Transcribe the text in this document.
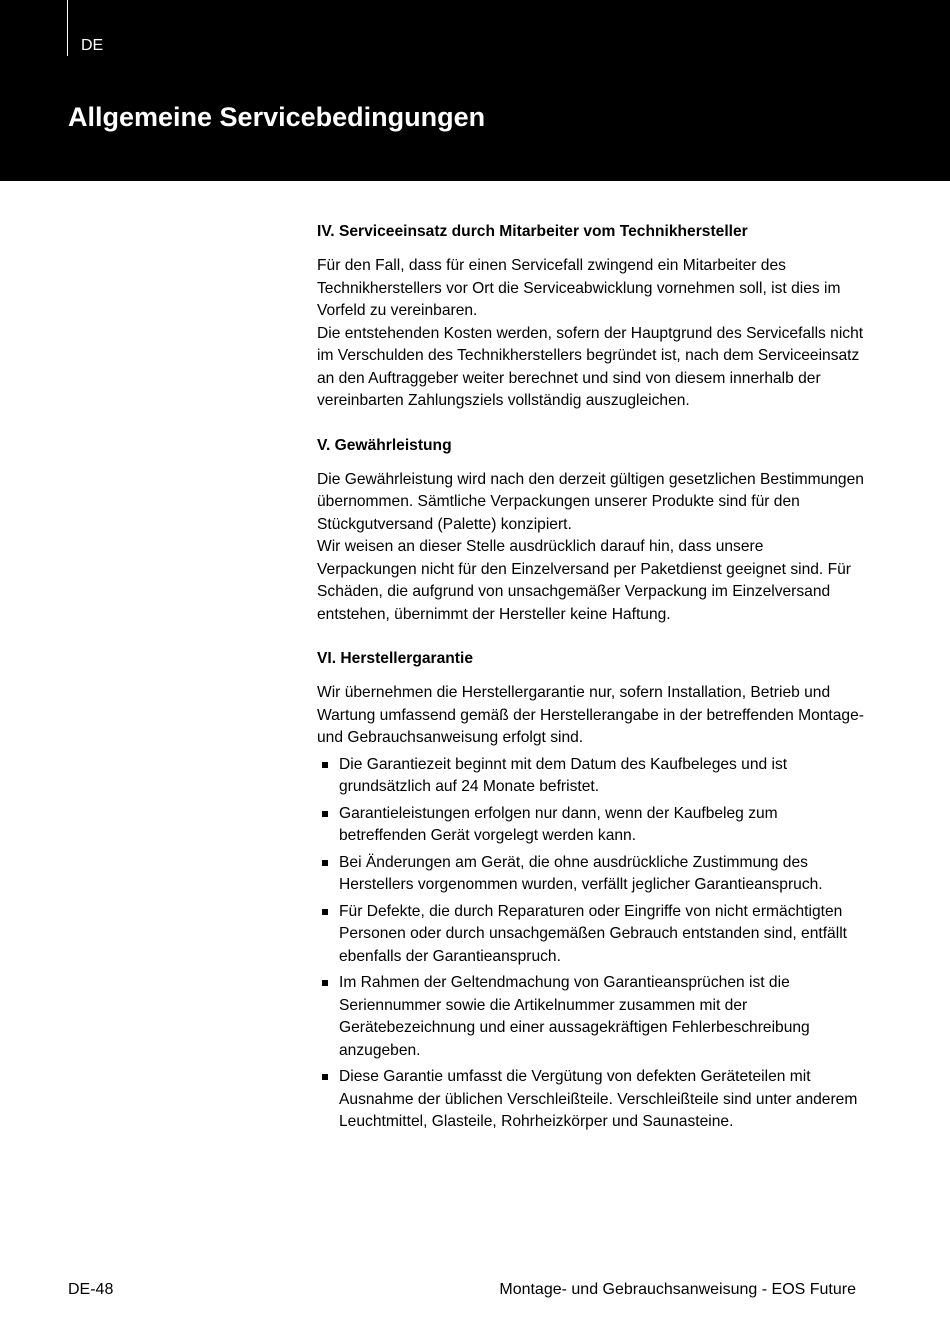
DE
Allgemeine Servicebedingungen
IV. Serviceeinsatz durch Mitarbeiter vom Technikhersteller

Für den Fall, dass für einen Servicefall zwingend ein Mitarbeiter des Technikherstellers vor Ort die Serviceabwicklung vornehmen soll, ist dies im Vorfeld zu vereinbaren.

Die entstehenden Kosten werden, sofern der Hauptgrund des Servicefalls nicht im Verschulden des Technikherstellers begründet ist, nach dem Serviceeinsatz an den Auftraggeber weiter berechnet und sind von diesem innerhalb der vereinbarten Zahlungsziels vollständig auszugleichen.

V. Gewährleistung

Die Gewährleistung wird nach den derzeit gültigen gesetzlichen Bestimmungen übernommen. Sämtliche Verpackungen unserer Produkte sind für den Stückgutversand (Palette) konzipiert.

Wir weisen an dieser Stelle ausdrücklich darauf hin, dass unsere Verpackungen nicht für den Einzelversand per Paketdienst geeignet sind. Für Schäden, die aufgrund von unsachgemäßer Verpackung im Einzelversand entstehen, übernimmt der Hersteller keine Haftung.

VI. Herstellergarantie

Wir übernehmen die Herstellergarantie nur, sofern Installation, Betrieb und Wartung umfassend gemäß der Herstellerangabe in der betreffenden Montage- und Gebrauchsanweisung erfolgt sind.

Die Garantiezeit beginnt mit dem Datum des Kaufbeleges und ist grundsätzlich auf 24 Monate befristet.
Garantieleistungen erfolgen nur dann, wenn der Kaufbeleg zum betreffenden Gerät vorgelegt werden kann.
Bei Änderungen am Gerät, die ohne ausdrückliche Zustimmung des Herstellers vorgenommen wurden, verfällt jeglicher Garantieanspruch.
Für Defekte, die durch Reparaturen oder Eingriffe von nicht ermächtigten Personen oder durch unsachgemäßen Gebrauch entstanden sind, entfällt ebenfalls der Garantieanspruch.
Im Rahmen der Geltendmachung von Garantieansprüchen ist die Seriennummer sowie die Artikelnummer zusammen mit der Gerätebezeichnung und einer aussagekräftigen Fehlerbeschreibung anzugeben.
Diese Garantie umfasst die Vergütung von defekten Geräteteilen mit Ausnahme der üblichen Verschleißteile. Verschleißteile sind unter anderem Leuchtmittel, Glasteile, Rohrheizkörper und Saunasteine.
DE-48	Montage- und Gebrauchsanweisung - EOS Future
